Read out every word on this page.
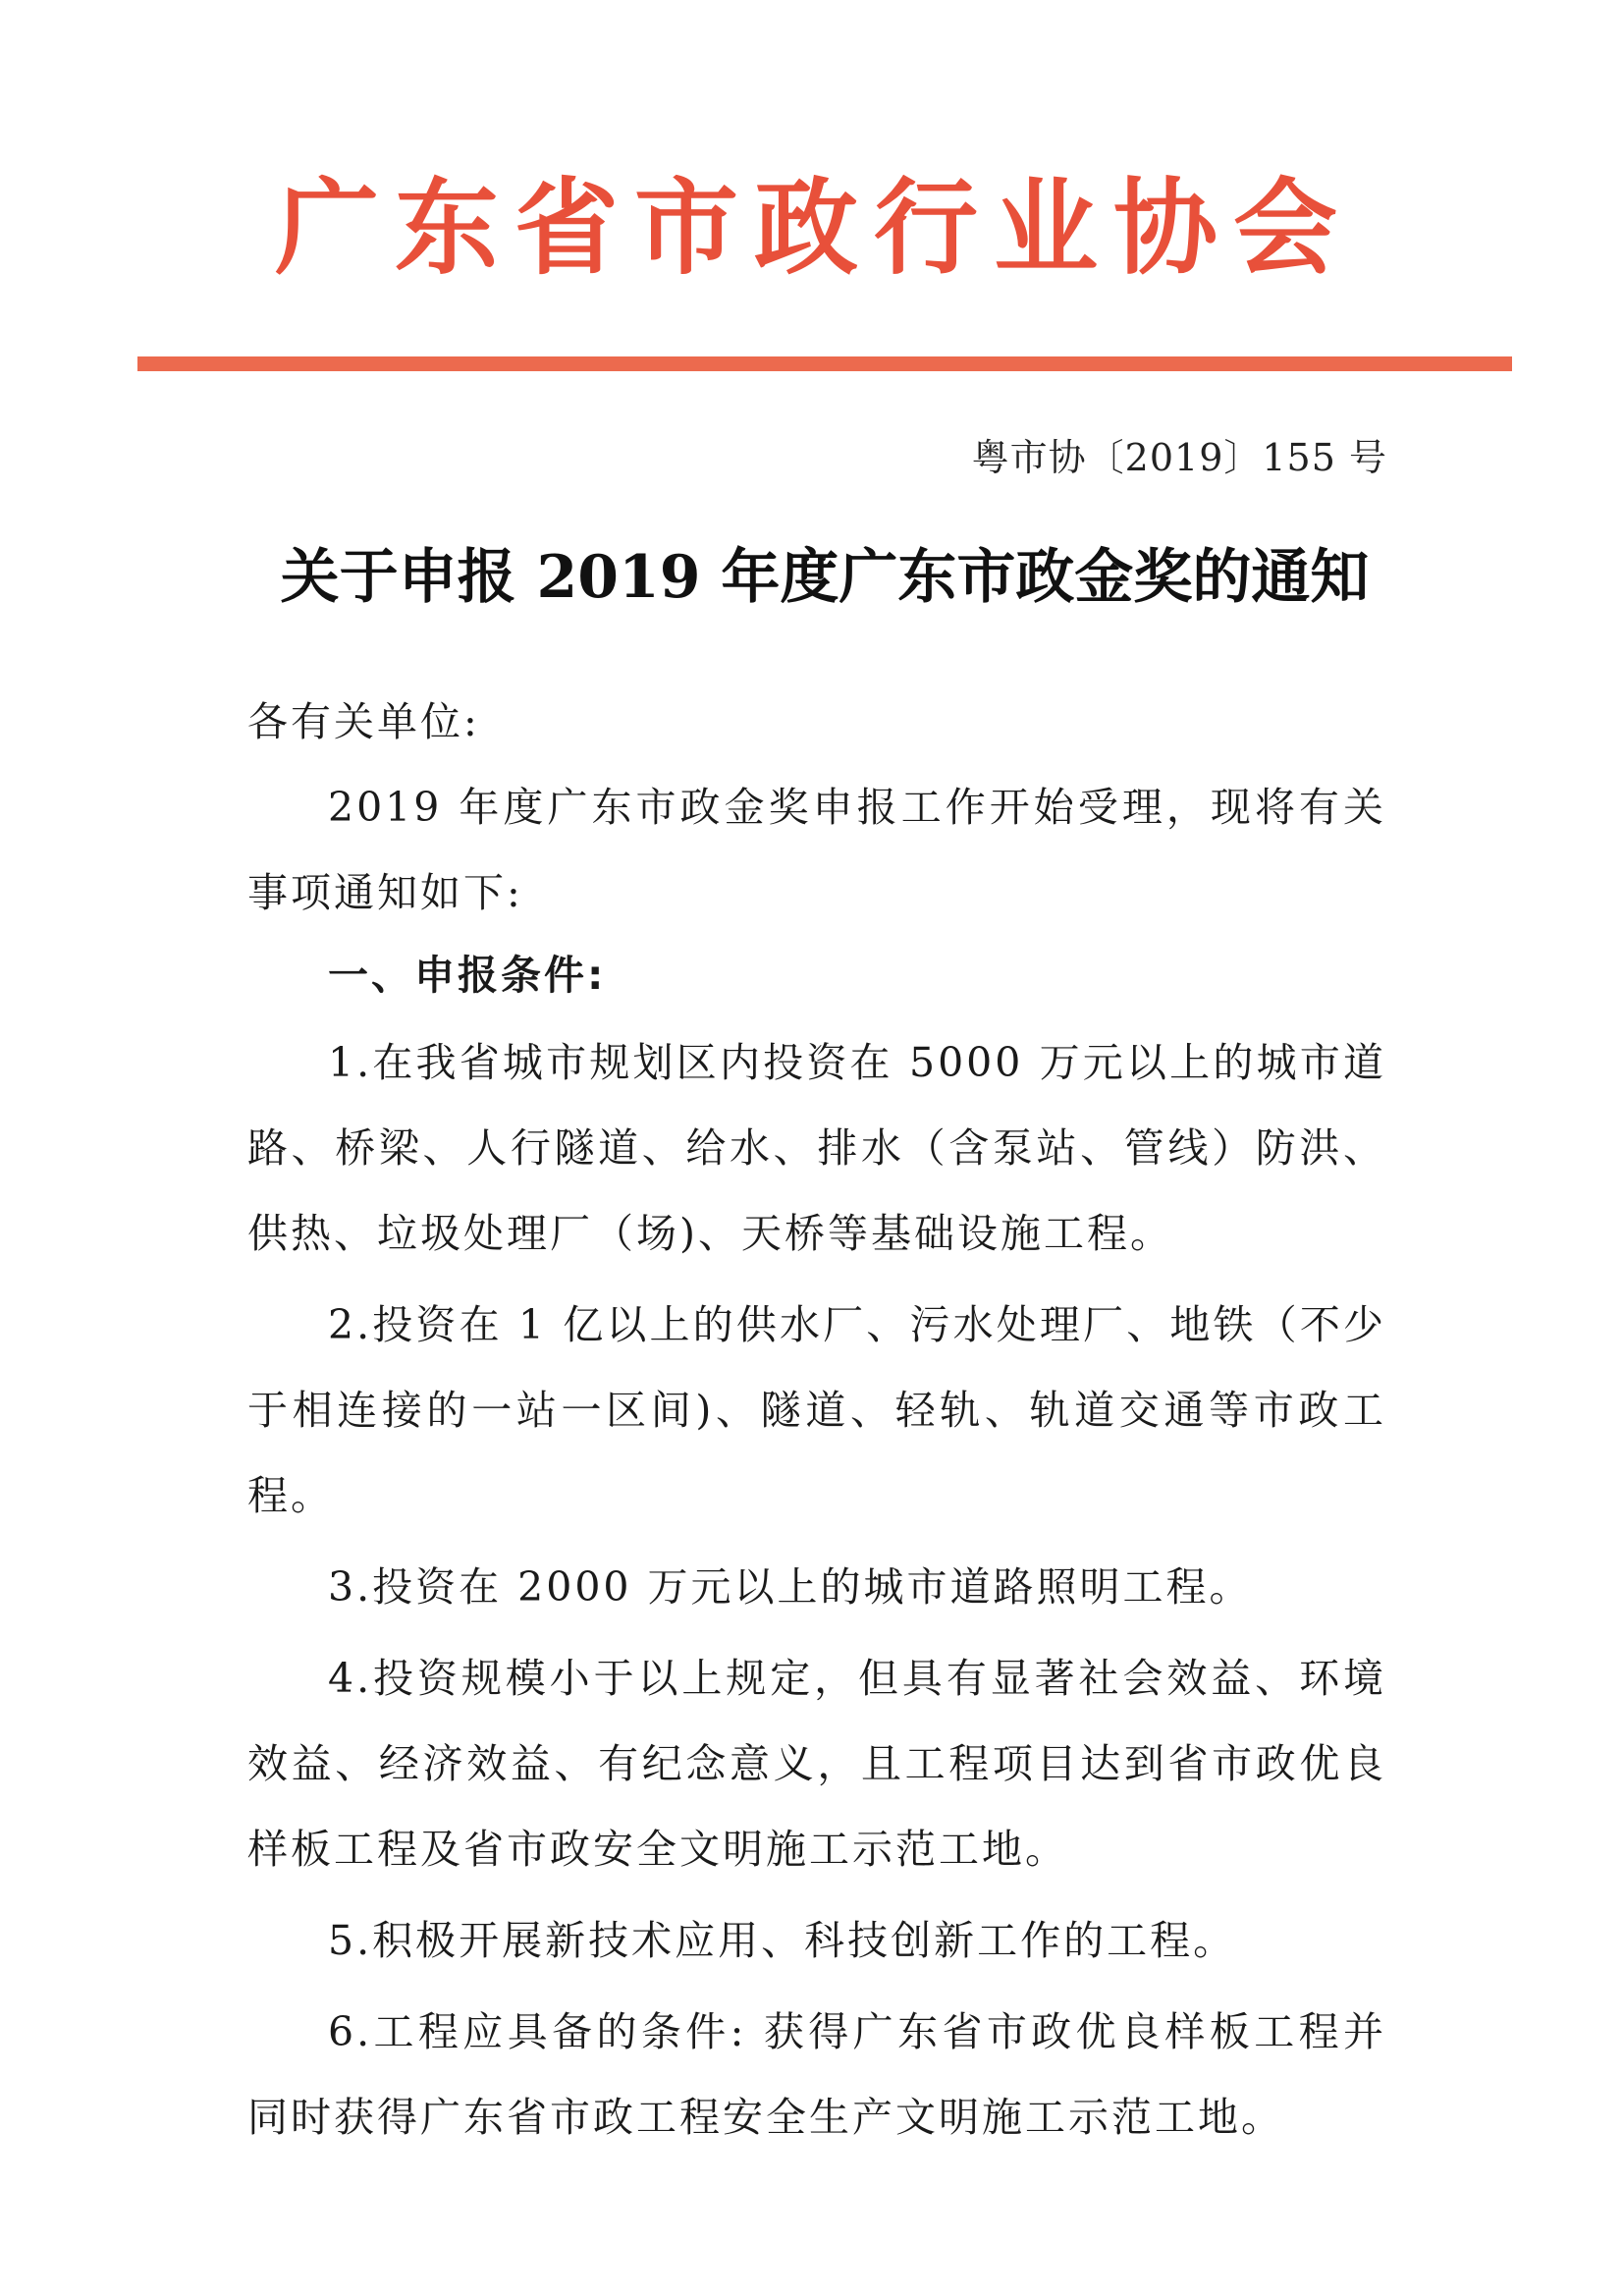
广东省市政行业协会
粤市协〔2019〕155 号
关于申报 2019 年度广东市政金奖的通知

各有关单位:

2019 年度广东市政金奖申报工作开始受理，现将有关事项通知如下:

一、申报条件:

1.在我省城市规划区内投资在 5000 万元以上的城市道路、桥梁、人行隧道、给水、排水（含泵站、管线）防洪、供热、垃圾处理厂（场)、天桥等基础设施工程。

2.投资在 1 亿以上的供水厂、污水处理厂、地铁（不少于相连接的一站一区间)、隧道、轻轨、轨道交通等市政工程。

3.投资在 2000 万元以上的城市道路照明工程。

4.投资规模小于以上规定，但具有显著社会效益、环境效益、经济效益、有纪念意义，且工程项目达到省市政优良样板工程及省市政安全文明施工示范工地。

5.积极开展新技术应用、科技创新工作的工程。

6.工程应具备的条件: 获得广东省市政优良样板工程并同时获得广东省市政工程安全生产文明施工示范工地。
